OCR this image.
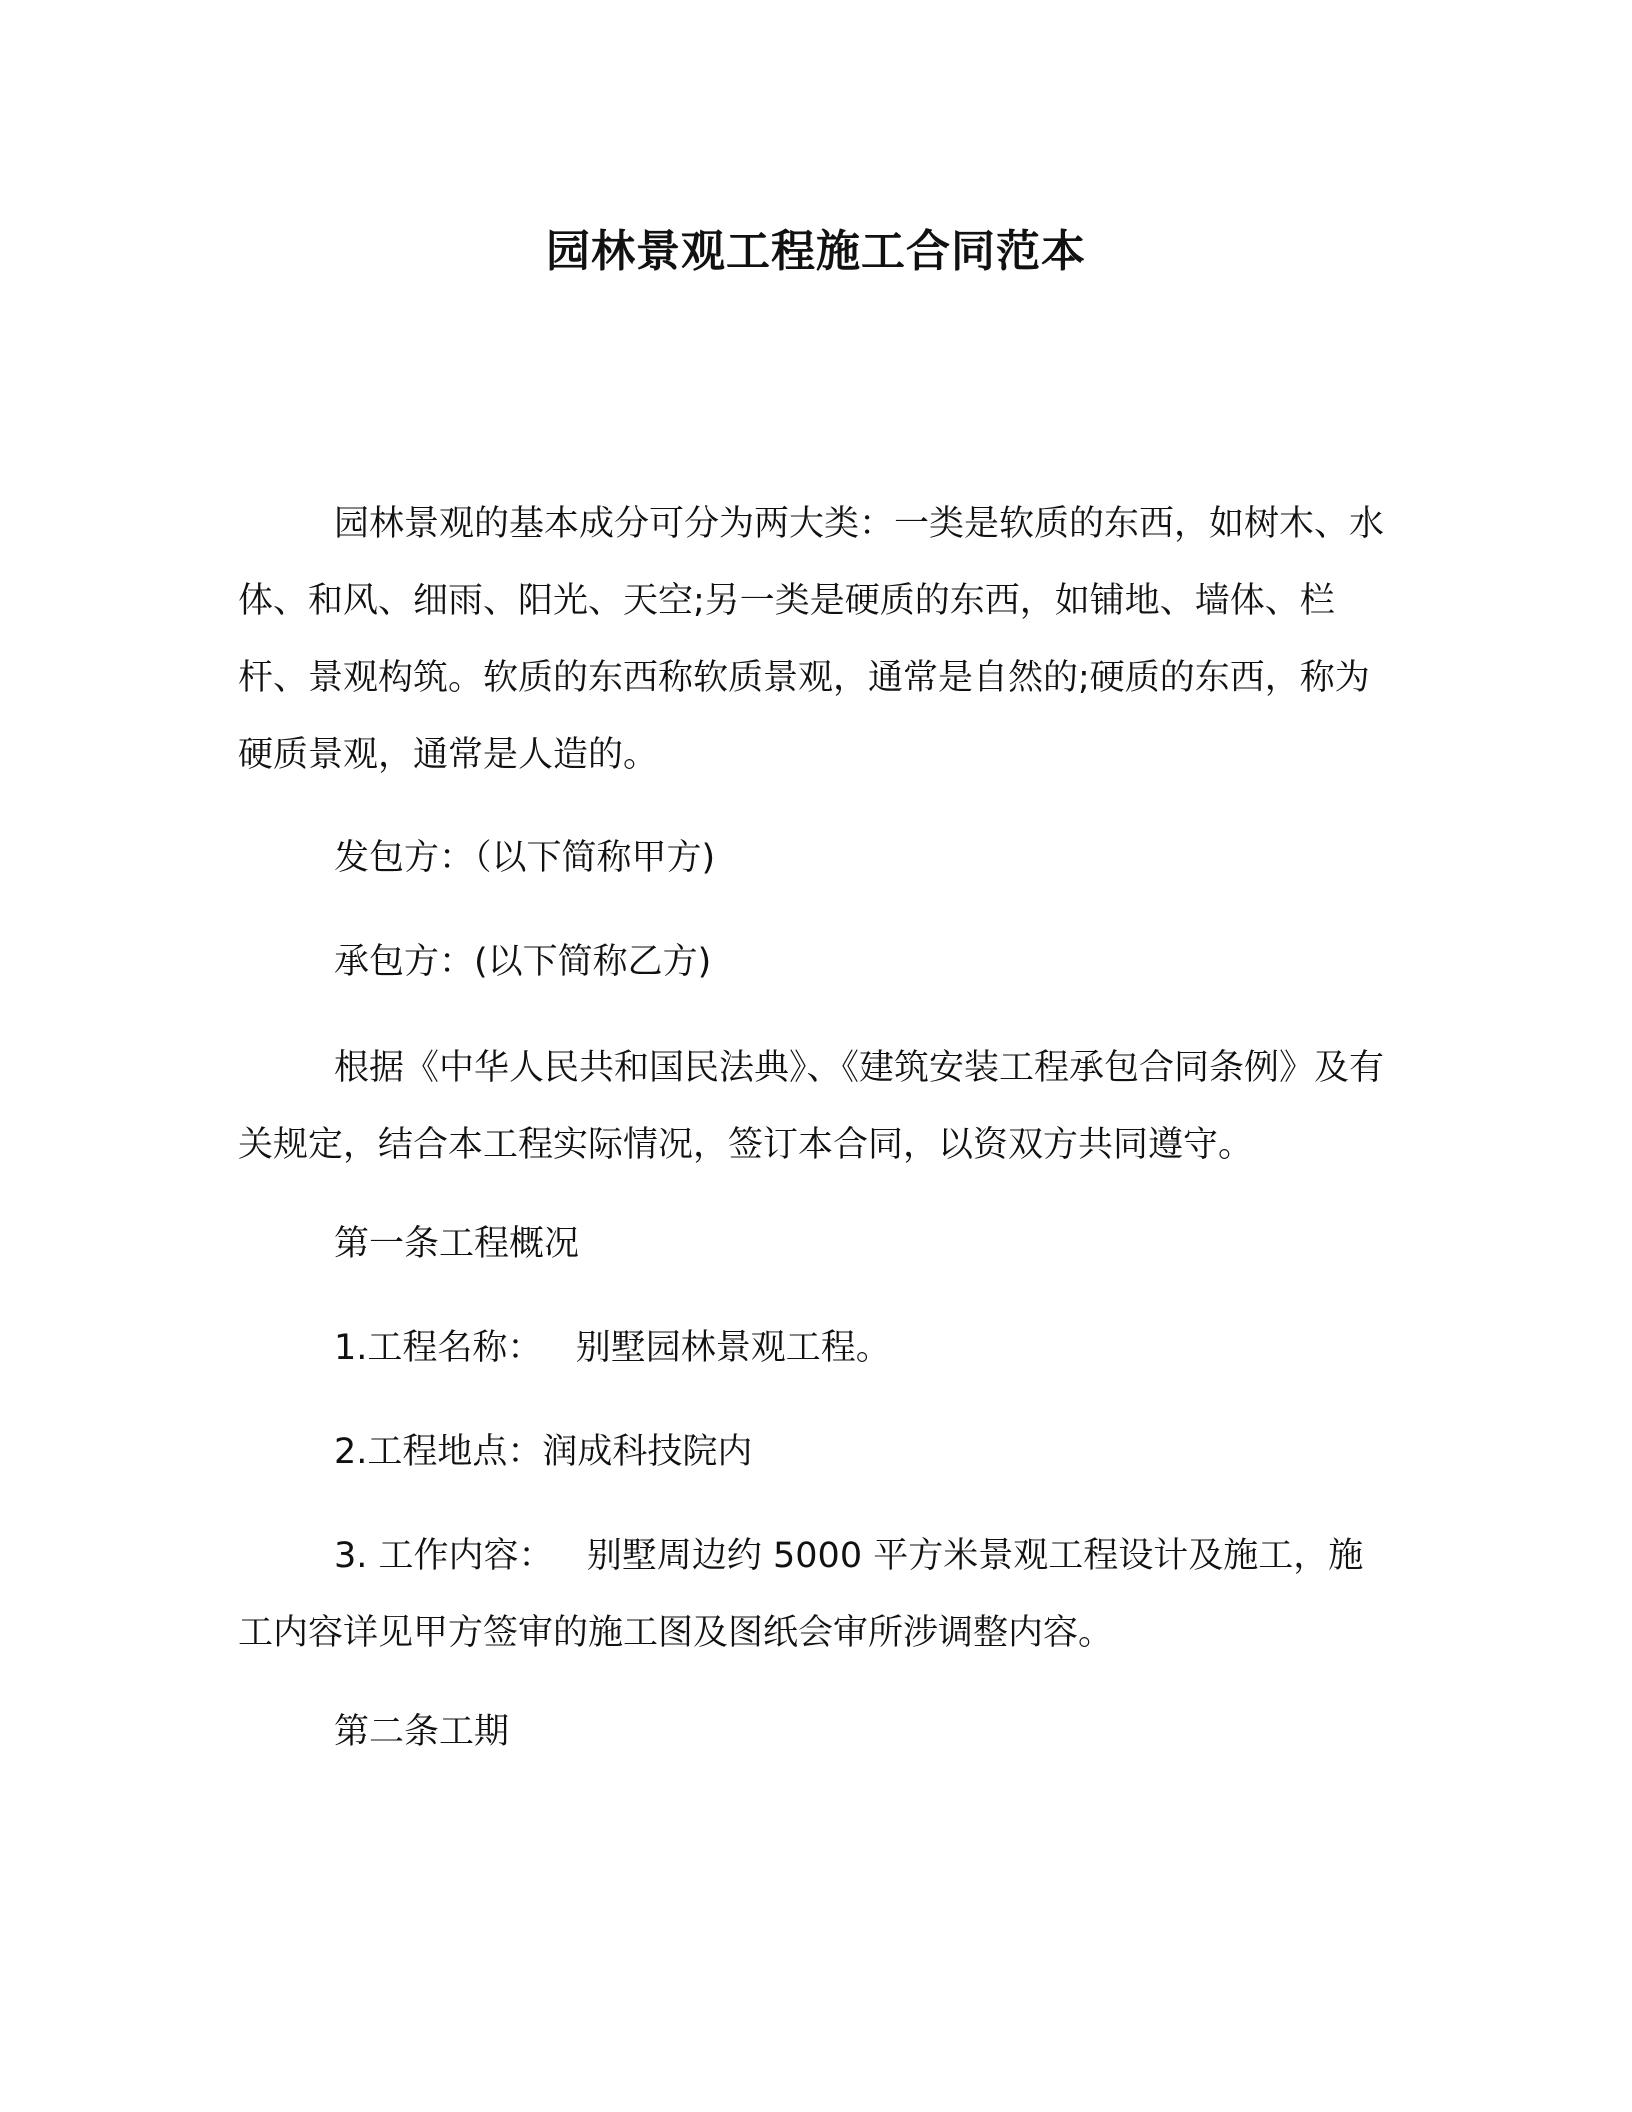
园林景观工程施工合同范本

园林景观的基本成分可分为两大类：一类是软质的东西，如树木、水体、和风、细雨、阳光、天空;另一类是硬质的东西，如铺地、墙体、栏杆、景观构筑。软质的东西称软质景观，通常是自然的;硬质的东西，称为硬质景观，通常是人造的。

发包方：（以下简称甲方)

承包方：(以下简称乙方)

根据《中华人民共和国民法典》、《建筑安装工程承包合同条例》及有关规定，结合本工程实际情况，签订本合同，以资双方共同遵守。

第一条工程概况

1.工程名称：   别墅园林景观工程。

2.工程地点：润成科技院内

3. 工作内容：   别墅周边约 5000 平方米景观工程设计及施工，施工内容详见甲方签审的施工图及图纸会审所涉调整内容。

第二条工期
